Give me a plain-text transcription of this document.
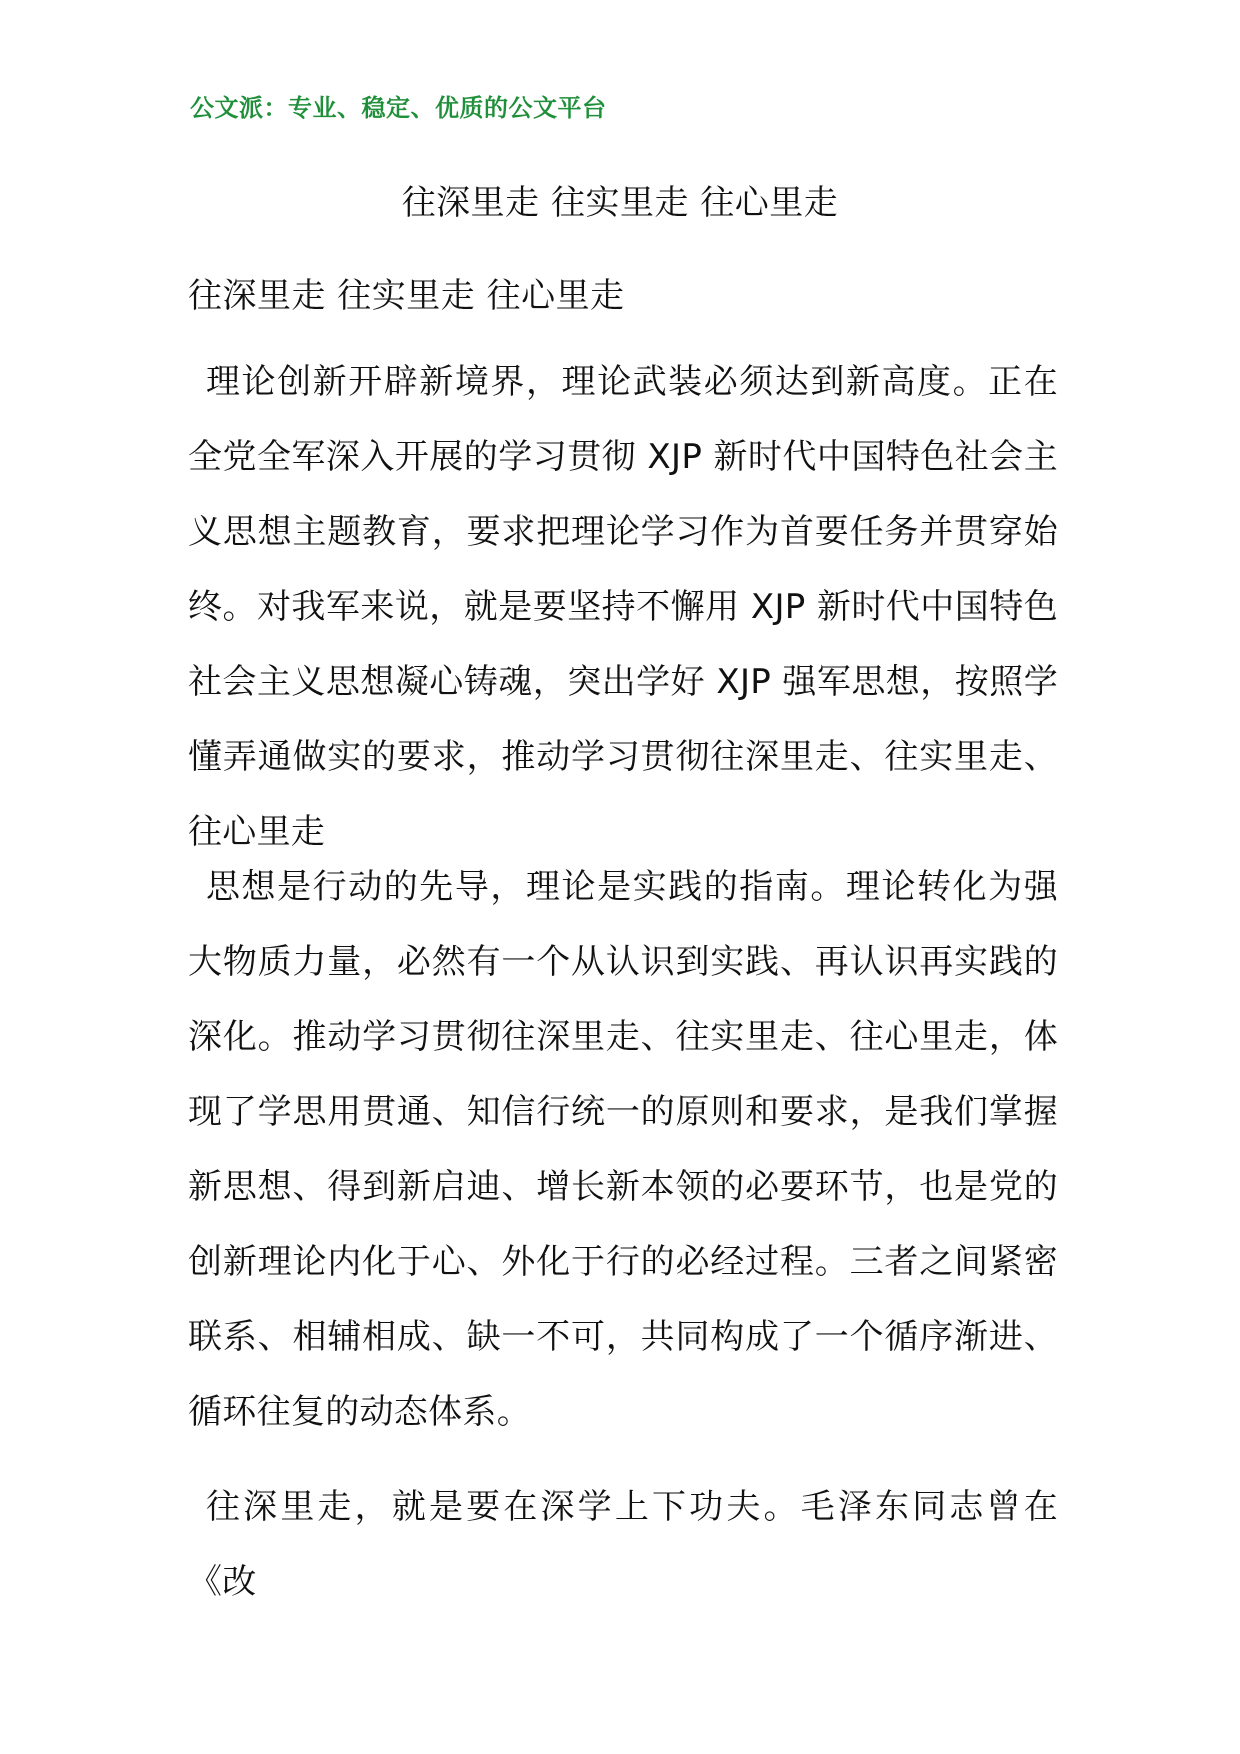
公文派：专业、稳定、优质的公文平台
往深里走 往实里走 往心里走
往深里走 往实里走 往心里走

理论创新开辟新境界，理论武装必须达到新高度。正在全党全军深入开展的学习贯彻 XJP 新时代中国特色社会主义思想主题教育，要求把理论学习作为首要任务并贯穿始终。对我军来说，就是要坚持不懈用 XJP 新时代中国特色社会主义思想凝心铸魂，突出学好 XJP 强军思想，按照学懂弄通做实的要求，推动学习贯彻往深里走、往实里走、往心里走

思想是行动的先导，理论是实践的指南。理论转化为强大物质力量，必然有一个从认识到实践、再认识再实践的深化。推动学习贯彻往深里走、往实里走、往心里走，体现了学思用贯通、知信行统一的原则和要求，是我们掌握新思想、得到新启迪、增长新本领的必要环节，也是党的创新理论内化于心、外化于行的必经过程。三者之间紧密联系、相辅相成、缺一不可，共同构成了一个循序渐进、循环往复的动态体系。

往深里走，就是要在深学上下功夫。毛泽东同志曾在《改
